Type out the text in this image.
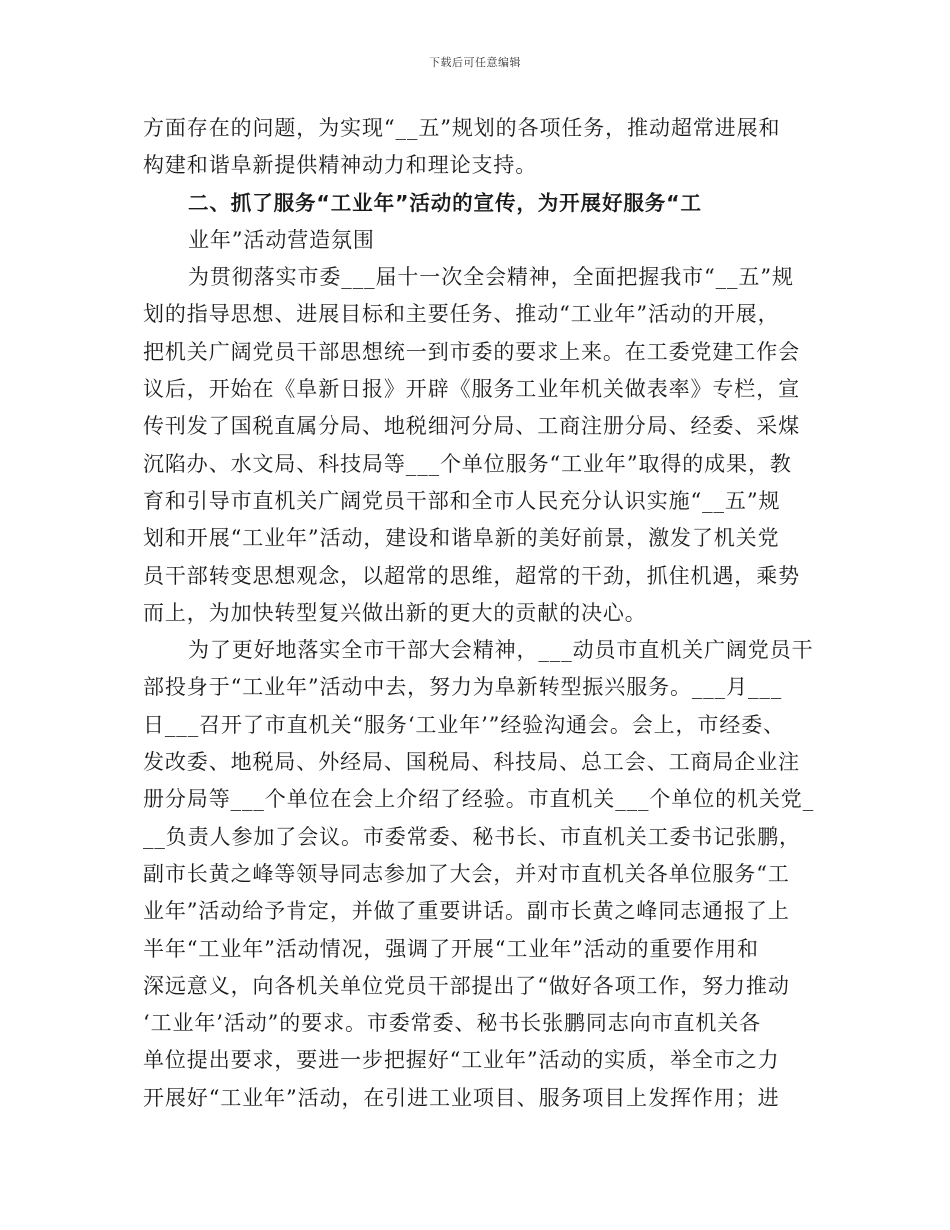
下载后可任意编辑
方面存在的问题，为实现“__五”规划的各项任务，推动超常进展和
构建和谐阜新提供精神动力和理论支持。
二、抓了服务“工业年”活动的宣传，为开展好服务“工
业年”活动营造氛围
为贯彻落实市委___届十一次全会精神，全面把握我市“__五”规
划的指导思想、进展目标和主要任务、推动“工业年”活动的开展，
把机关广阔党员干部思想统一到市委的要求上来。在工委党建工作会
议后，开始在《阜新日报》开辟《服务工业年机关做表率》专栏，宣
传刊发了国税直属分局、地税细河分局、工商注册分局、经委、采煤
沉陷办、水文局、科技局等___个单位服务“工业年”取得的成果，教
育和引导市直机关广阔党员干部和全市人民充分认识实施“__五”规
划和开展“工业年”活动，建设和谐阜新的美好前景，激发了机关党
员干部转变思想观念，以超常的思维，超常的干劲，抓住机遇，乘势
而上，为加快转型复兴做出新的更大的贡献的决心。
为了更好地落实全市干部大会精神，___动员市直机关广阔党员干
部投身于“工业年”活动中去，努力为阜新转型振兴服务。___月___
日___召开了市直机关“服务‘工业年’”经验沟通会。会上，市经委、
发改委、地税局、外经局、国税局、科技局、总工会、工商局企业注
册分局等___个单位在会上介绍了经验。市直机关___个单位的机关党_
__负责人参加了会议。市委常委、秘书长、市直机关工委书记张鹏，
副市长黄之峰等领导同志参加了大会，并对市直机关各单位服务“工
业年”活动给予肯定，并做了重要讲话。副市长黄之峰同志通报了上
半年“工业年”活动情况，强调了开展“工业年”活动的重要作用和
深远意义，向各机关单位党员干部提出了“做好各项工作，努力推动
‘工业年’活动”的要求。市委常委、秘书长张鹏同志向市直机关各
单位提出要求，要进一步把握好“工业年”活动的实质，举全市之力
开展好“工业年”活动，在引进工业项目、服务项目上发挥作用；进
